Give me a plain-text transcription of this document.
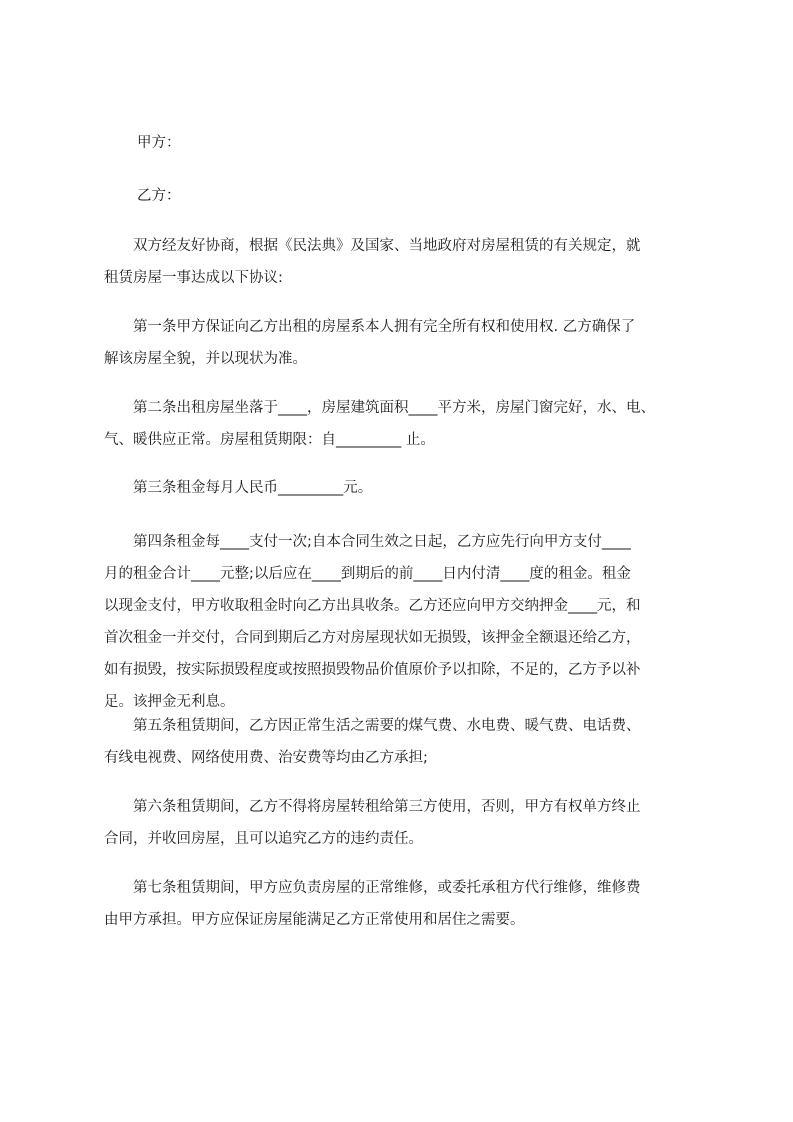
甲方：

乙方：

　　双方经友好协商，根据《民法典》及国家、当地政府对房屋租赁的有关规定，就
租赁房屋一事达成以下协议:
　　第一条甲方保证向乙方出租的房屋系本人拥有完全所有权和使用权. 乙方确保了
解该房屋全貌，并以现状为准。
　　第二条出租房屋坐落于____，房屋建筑面积____平方米，房屋门窗完好，水、电、
气、暖供应正常。房屋租赁期限：自_________ 止。
　　第三条租金每月人民币_________元。
　　第四条租金每____支付一次;自本合同生效之日起，乙方应先行向甲方支付____
月的租金合计____元整;以后应在____到期后的前____日内付清____度的租金。租金
以现金支付，甲方收取租金时向乙方出具收条。乙方还应向甲方交纳押金____元，和
首次租金一并交付，合同到期后乙方对房屋现状如无损毁，该押金全额退还给乙方，
如有损毁，按实际损毁程度或按照损毁物品价值原价予以扣除，不足的，乙方予以补
足。该押金无利息。
　　第五条租赁期间，乙方因正常生活之需要的煤气费、水电费、暖气费、电话费、
有线电视费、网络使用费、治安费等均由乙方承担;
　　第六条租赁期间，乙方不得将房屋转租给第三方使用，否则，甲方有权单方终止
合同，并收回房屋，且可以追究乙方的违约责任。
　　第七条租赁期间，甲方应负责房屋的正常维修，或委托承租方代行维修，维修费
由甲方承担。甲方应保证房屋能满足乙方正常使用和居住之需要。
